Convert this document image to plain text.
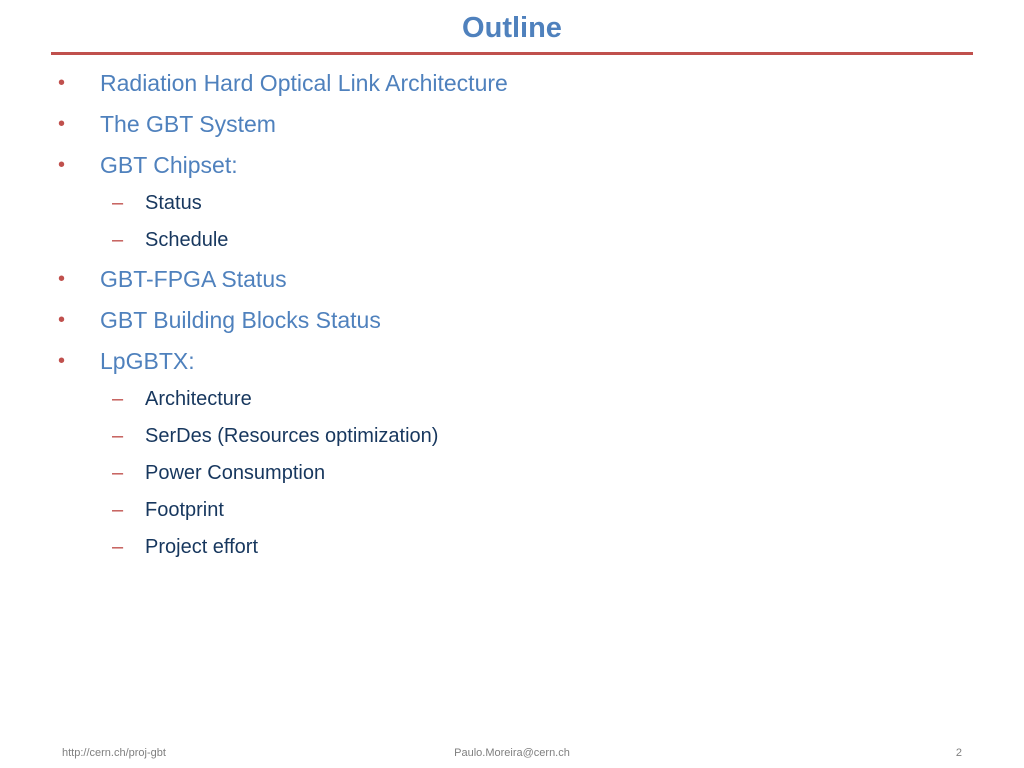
Outline
• Radiation Hard Optical Link Architecture
• The GBT System
• GBT Chipset:
– Status
– Schedule
• GBT-FPGA Status
• GBT Building Blocks Status
• LpGBTX:
– Architecture
– SerDes (Resources optimization)
– Power Consumption
– Footprint
– Project effort
http://cern.ch/proj-gbt	Paulo.Moreira@cern.ch	2
